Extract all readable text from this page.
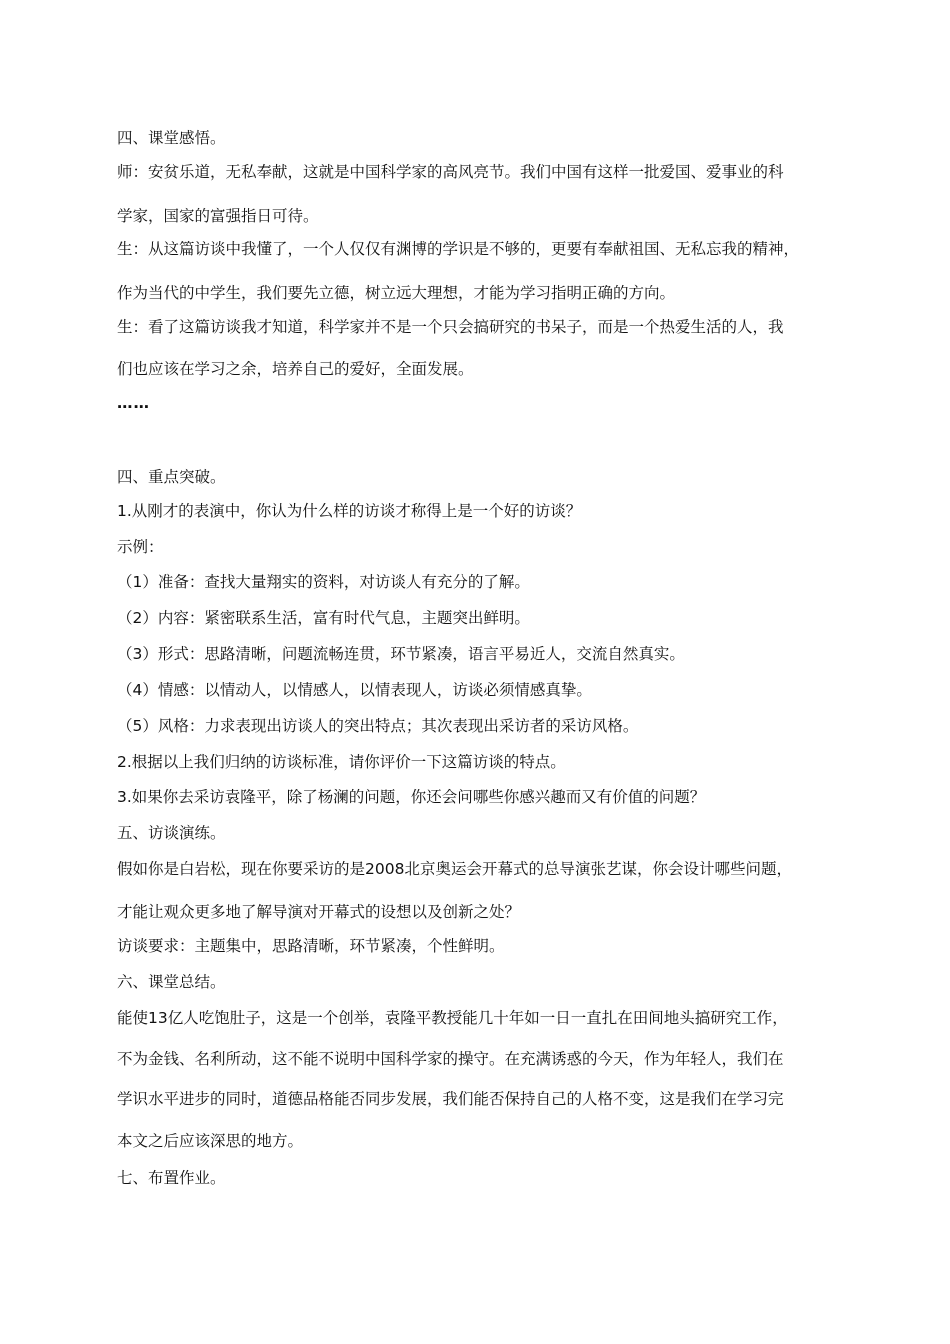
四、课堂感悟。
师：安贫乐道，无私奉献，这就是中国科学家的高风亮节。我们中国有这样一批爱国、爱事业的科
学家，国家的富强指日可待。
生：从这篇访谈中我懂了，一个人仅仅有渊博的学识是不够的，更要有奉献祖国、无私忘我的精神，
作为当代的中学生，我们要先立德，树立远大理想，才能为学习指明正确的方向。
生：看了这篇访谈我才知道，科学家并不是一个只会搞研究的书呆子，而是一个热爱生活的人，我
们也应该在学习之余，培养自己的爱好，全面发展。
……
四、重点突破。
1.从刚才的表演中，你认为什么样的访谈才称得上是一个好的访谈？
示例：
（1）准备：查找大量翔实的资料，对访谈人有充分的了解。
（2）内容：紧密联系生活，富有时代气息，主题突出鲜明。
（3）形式：思路清晰，问题流畅连贯，环节紧凑，语言平易近人，交流自然真实。
（4）情感：以情动人，以情感人，以情表现人，访谈必须情感真挚。
（5）风格：力求表现出访谈人的突出特点；其次表现出采访者的采访风格。
2.根据以上我们归纳的访谈标准，请你评价一下这篇访谈的特点。
3.如果你去采访袁隆平，除了杨澜的问题，你还会问哪些你感兴趣而又有价值的问题？
五、访谈演练。
假如你是白岩松，现在你要采访的是2008北京奥运会开幕式的总导演张艺谋，你会设计哪些问题，
才能让观众更多地了解导演对开幕式的设想以及创新之处？
访谈要求：主题集中，思路清晰，环节紧凑，个性鲜明。
六、课堂总结。
能使13亿人吃饱肚子，这是一个创举，袁隆平教授能几十年如一日一直扎在田间地头搞研究工作，
不为金钱、名利所动，这不能不说明中国科学家的操守。在充满诱惑的今天，作为年轻人，我们在
学识水平进步的同时，道德品格能否同步发展，我们能否保持自己的人格不变，这是我们在学习完
本文之后应该深思的地方。
七、布置作业。
